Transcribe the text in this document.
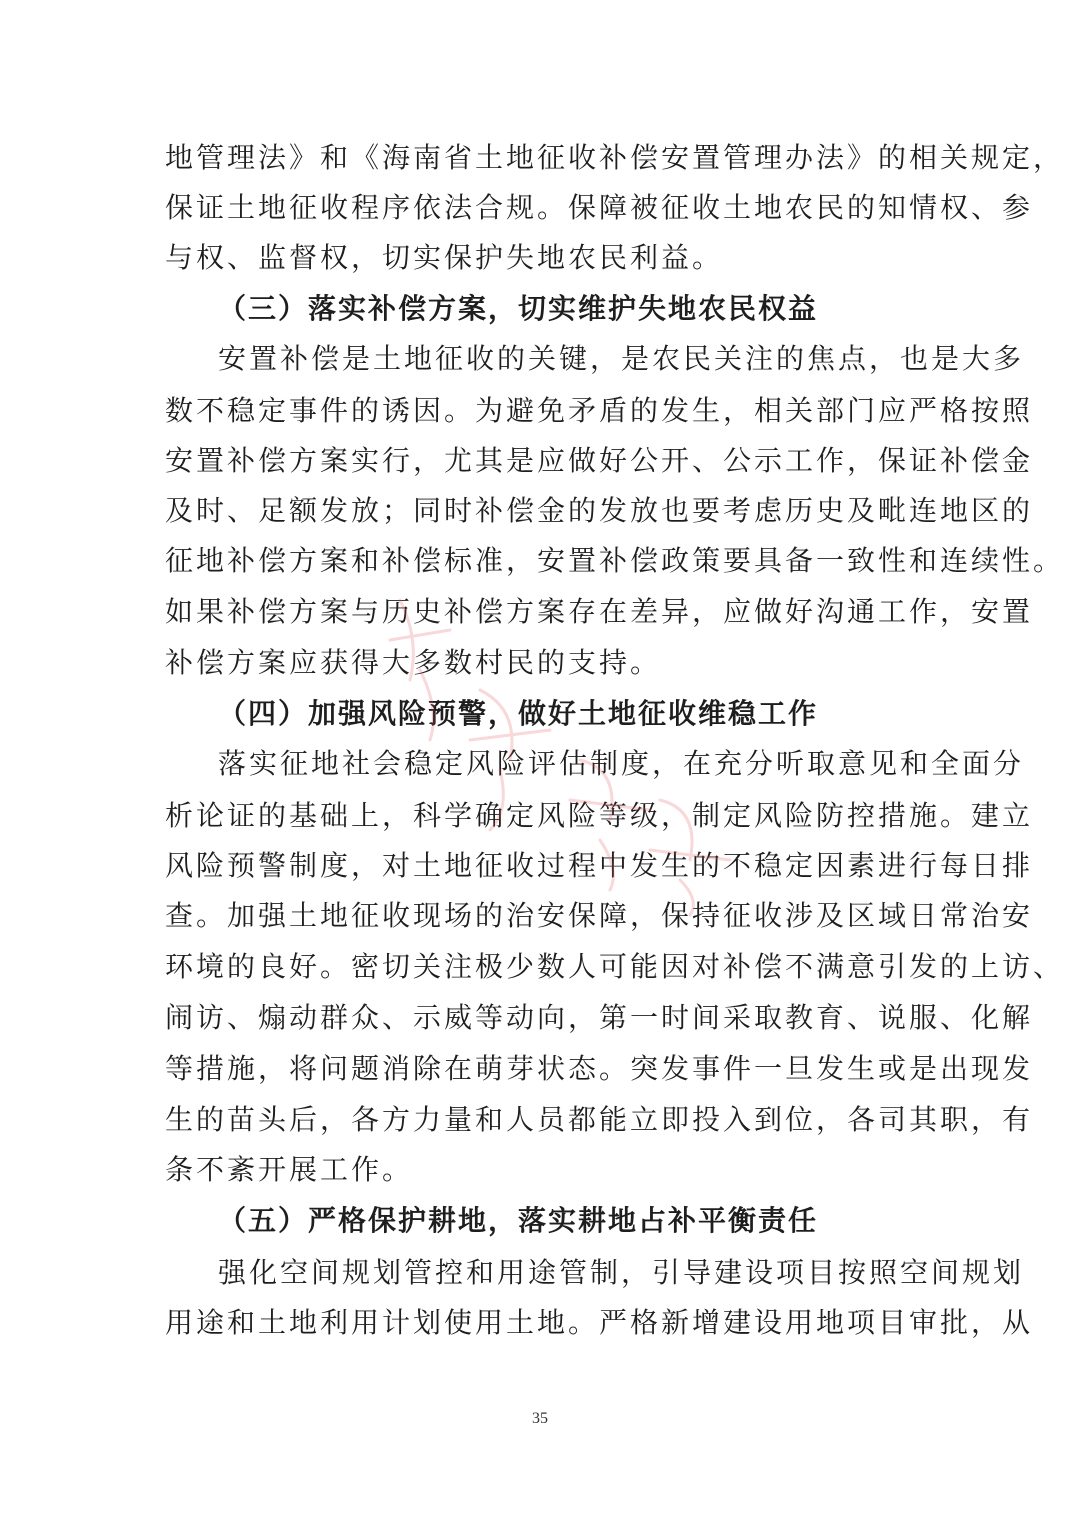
地管理法》和《海南省土地征收补偿安置管理办法》的相关规定，
保证土地征收程序依法合规。保障被征收土地农民的知情权、参
与权、监督权，切实保护失地农民利益。
（三）落实补偿方案，切实维护失地农民权益
安置补偿是土地征收的关键，是农民关注的焦点，也是大多
数不稳定事件的诱因。为避免矛盾的发生，相关部门应严格按照
安置补偿方案实行，尤其是应做好公开、公示工作，保证补偿金
及时、足额发放；同时补偿金的发放也要考虑历史及毗连地区的
征地补偿方案和补偿标准，安置补偿政策要具备一致性和连续性。
如果补偿方案与历史补偿方案存在差异，应做好沟通工作，安置
补偿方案应获得大多数村民的支持。
（四）加强风险预警，做好土地征收维稳工作
落实征地社会稳定风险评估制度，在充分听取意见和全面分
析论证的基础上，科学确定风险等级，制定风险防控措施。建立
风险预警制度，对土地征收过程中发生的不稳定因素进行每日排
查。加强土地征收现场的治安保障，保持征收涉及区域日常治安
环境的良好。密切关注极少数人可能因对补偿不满意引发的上访、
闹访、煽动群众、示威等动向，第一时间采取教育、说服、化解
等措施，将问题消除在萌芽状态。突发事件一旦发生或是出现发
生的苗头后，各方力量和人员都能立即投入到位，各司其职，有
条不紊开展工作。
（五）严格保护耕地，落实耕地占补平衡责任
强化空间规划管控和用途管制，引导建设项目按照空间规划
用途和土地利用计划使用土地。严格新增建设用地项目审批，从
35
